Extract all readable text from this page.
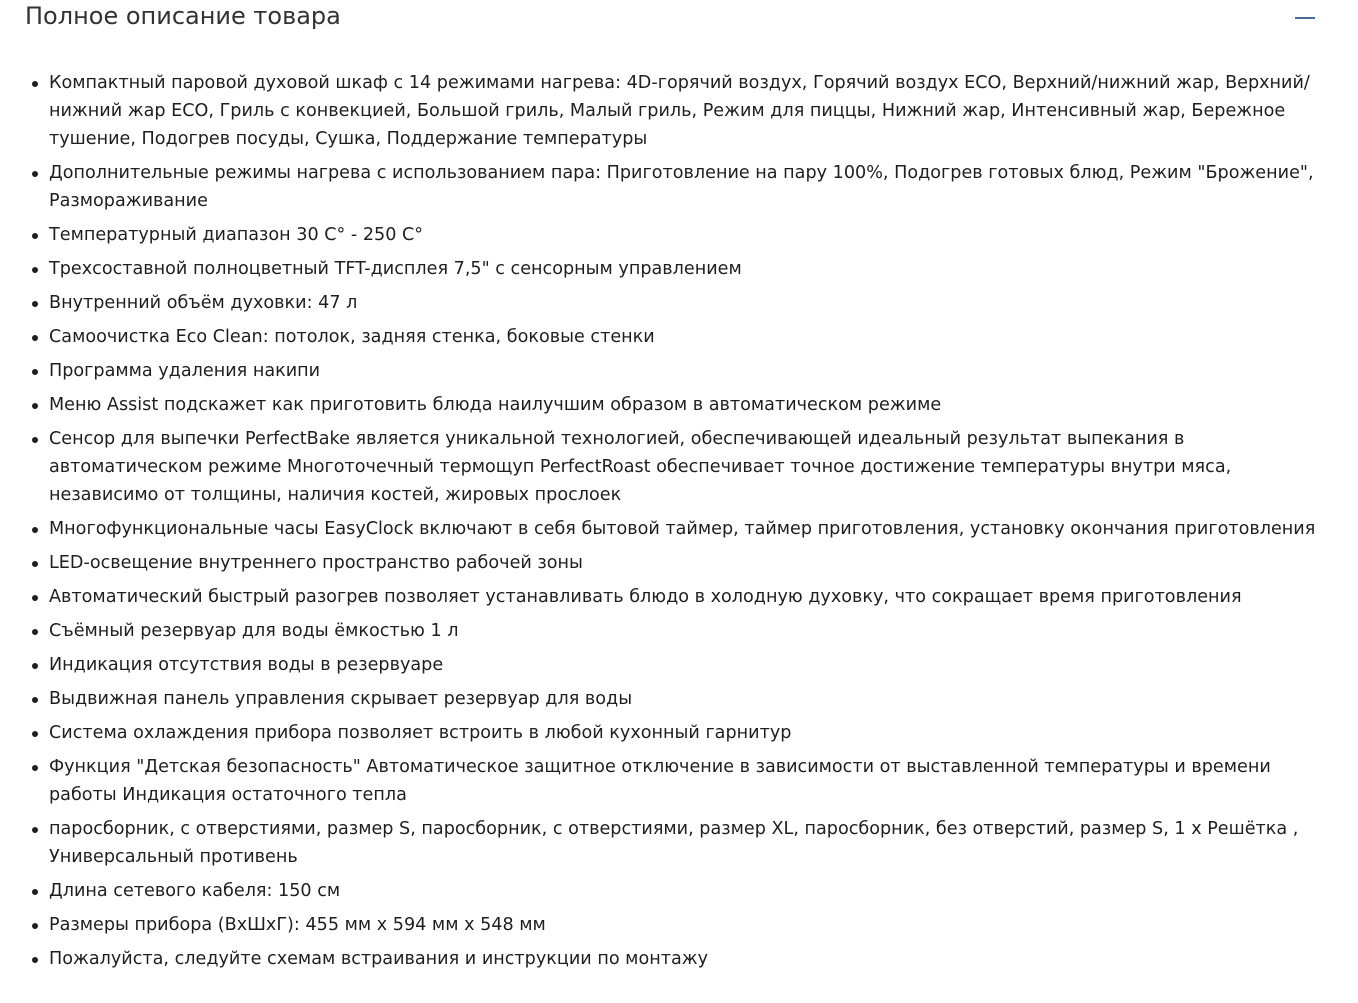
Полное описание товара
Компактный паровой духовой шкаф с 14 режимами нагрева: 4D-горячий воздух, Горячий воздух ECO, Верхний/нижний жар, Верхний/нижний жар ECO, Гриль с конвекцией, Большой гриль, Малый гриль, Режим для пиццы, Нижний жар, Интенсивный жар, Бережное тушение, Подогрев посуды, Сушка, Поддержание температуры
Дополнительные режимы нагрева с использованием пара: Приготовление на пару 100%, Подогрев готовых блюд, Режим "Брожение", Размораживание
Температурный диапазон 30 C° - 250 C°
Трехсоставной полноцветный TFT-дисплея 7,5" с сенсорным управлением
Внутренний объём духовки: 47 л
Самоочистка Eco Clean: потолок, задняя стенка, боковые стенки
Программа удаления накипи
Меню Assist подскажет как приготовить блюда наилучшим образом в автоматическом режиме
Сенсор для выпечки PerfectBake является уникальной технологией, обеспечивающей идеальный результат выпекания в автоматическом режиме Многоточечный термощуп PerfectRoast обеспечивает точное достижение температуры внутри мяса, независимо от толщины, наличия костей, жировых прослоек
Многофункциональные часы EasyClock включают в себя бытовой таймер, таймер приготовления, установку окончания приготовления
LED-освещение внутреннего пространство рабочей зоны
Автоматический быстрый разогрев позволяет устанавливать блюдо в холодную духовку, что сокращает время приготовления
Съёмный резервуар для воды ёмкостью 1 л
Индикация отсутствия воды в резервуаре
Выдвижная панель управления скрывает резервуар для воды
Система охлаждения прибора позволяет встроить в любой кухонный гарнитур
Функция "Детская безопасность" Автоматическое защитное отключение в зависимости от выставленной температуры и времени работы Индикация остаточного тепла
паросборник, с отверстиями, размер S, паросборник, с отверстиями, размер XL, паросборник, без отверстий, размер S, 1 x Решётка , Универсальный противень
Длина сетевого кабеля: 150 см
Размеры прибора (ВхШхГ): 455 мм x 594 мм x 548 мм
Пожалуйста, следуйте схемам встраивания и инструкции по монтажу
